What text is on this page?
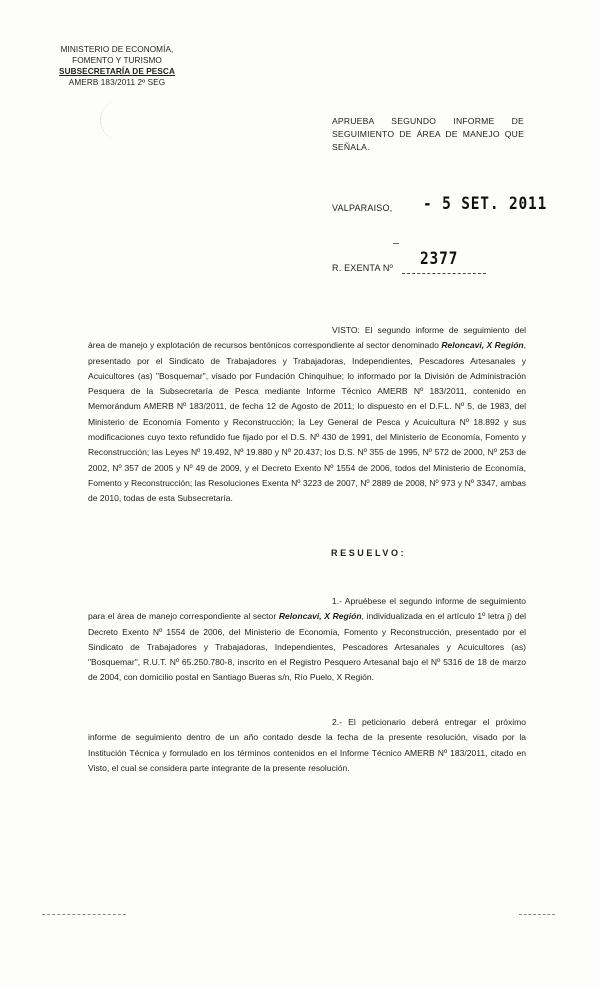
MINISTERIO DE ECONOMÍA,
FOMENTO Y TURISMO
SUBSECRETARÍA DE PESCA
AMERB 183/2011 2º SEG
APRUEBA SEGUNDO INFORME DE SEGUIMIENTO DE ÁREA DE MANEJO QUE SEÑALA.
VALPARAISO, - 5 SET. 2011
2377
R. EXENTA Nº
VISTO: El segundo informe de seguimiento del área de manejo y explotación de recursos bentónicos correspondiente al sector denominado Reloncavi, X Región, presentado por el Sindicato de Trabajadores y Trabajadoras, Independientes, Pescadores Artesanales y Acuicultores (as) "Bosquemar", visado por Fundación Chinquihue; lo informado por la División de Administración Pesquera de la Subsecretaría de Pesca mediante Informe Técnico AMERB Nº 183/2011, contenido en Memorándum AMERB Nº 183/2011, de fecha 12 de Agosto de 2011; lo dispuesto en el D.F.L. Nº 5, de 1983, del Ministerio de Economía Fomento y Reconstrucción; la Ley General de Pesca y Acuicultura Nº 18.892 y sus modificaciones cuyo texto refundido fue fijado por el D.S. Nº 430 de 1991, del Ministerio de Economía, Fomento y Reconstrucción; las Leyes Nº 19.492, Nº 19.880 y Nº 20.437; los D.S. Nº 355 de 1995, Nº 572 de 2000, Nº 253 de 2002, Nº 357 de 2005 y Nº 49 de 2009, y el Decreto Exento Nº 1554 de 2006, todos del Ministerio de Economía, Fomento y Reconstrucción; las Resoluciones Exenta Nº 3223 de 2007, Nº 2889 de 2008, Nº 973 y Nº 3347, ambas de 2010, todas de esta Subsecretaría.
RESUELVO:
1.- Apruébese el segundo informe de seguimiento para el área de manejo correspondiente al sector Reloncavi, X Región, individualizada en el artículo 1º letra j) del Decreto Exento Nº 1554 de 2006, del Ministerio de Economía, Fomento y Reconstrucción, presentado por el Sindicato de Trabajadores y Trabajadoras, Independientes, Pescadores Artesanales y Acuicultores (as) "Bosquemar", R.U.T. Nº 65.250.780-8, inscrito en el Registro Pesquero Artesanal bajo el Nº 5316 de 18 de marzo de 2004, con domicilio postal en Santiago Bueras s/n, Río Puelo, X Región.
2.- El peticionario deberá entregar el próximo informe de seguimiento dentro de un año contado desde la fecha de la presente resolución, visado por la Institución Técnica y formulado en los términos contenidos en el Informe Técnico AMERB Nº 183/2011, citado en Visto, el cual se considera parte integrante de la presente resolución.
